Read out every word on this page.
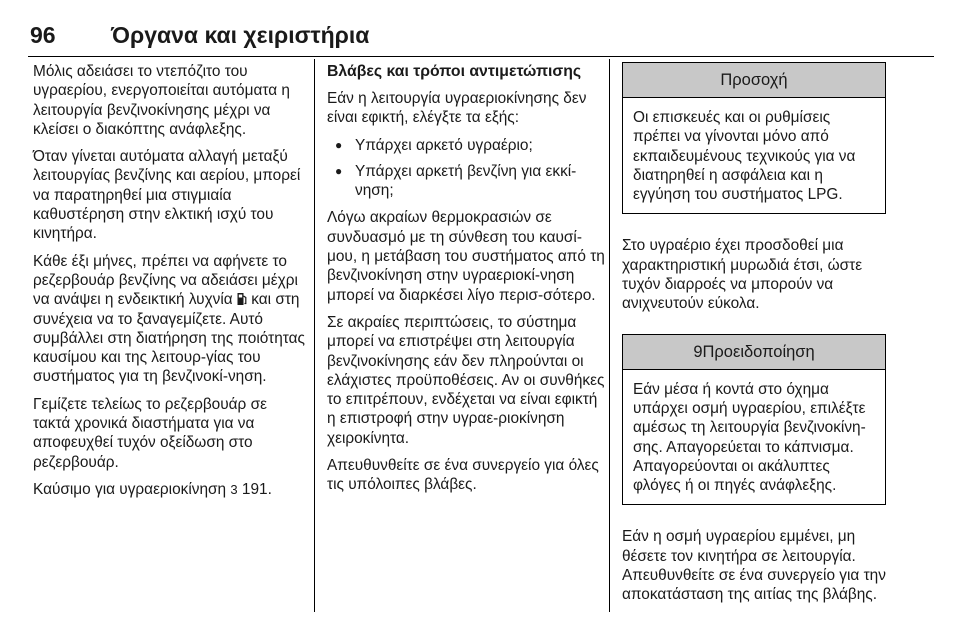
96 Όργανα και χειριστήρια

Μόλις αδειάσει το ντεπόζιτο του υγραερίου, ενεργοποιείται αυτόματα η λειτουργία βενζινοκίνησης μέχρι να κλείσει ο διακόπτης ανάφλεξης.

Όταν γίνεται αυτόματα αλλαγή μεταξύ λειτουργίας βενζίνης και αερίου, μπορεί να παρατηρηθεί μια στιγμιαία καθυστέρηση στην ελκτική ισχύ του κινητήρα.

Κάθε έξι μήνες, πρέπει να αφήνετε το ρεζερβουάρ βενζίνης να αδειάσει μέχρι να ανάψει η ενδεικτική λυχνία  και στη συνέχεια να το ξαναγεμίζετε. Αυτό συμβάλλει στη διατήρηση της ποιότητας καυσίμου και της λειτουρ-γίας του συστήματος για τη βενζινοκί-νηση.

Γεμίζετε τελείως το ρεζερβουάρ σε τακτά χρονικά διαστήματα για να αποφευχθεί τυχόν οξείδωση στο ρεζερβουάρ.

Καύσιμο για υγραεριοκίνηση 3 191.

Βλάβες και τρόποι αντιμετώπισης

Εάν η λειτουργία υγραεριοκίνησης δεν είναι εφικτή, ελέγξτε τα εξής:

● Υπάρχει αρκετό υγραέριο;
● Υπάρχει αρκετή βενζίνη για εκκί-νηση;

Λόγω ακραίων θερμοκρασιών σε συνδυασμό με τη σύνθεση του καυσί-μου, η μετάβαση του συστήματος από τη βενζινοκίνηση στην υγραεριοκί-νηση μπορεί να διαρκέσει λίγο περισ-σότερο.

Σε ακραίες περιπτώσεις, το σύστημα μπορεί να επιστρέψει στη λειτουργία βενζινοκίνησης εάν δεν πληρούνται οι ελάχιστες προϋποθέσεις. Αν οι συνθήκες το επιτρέπουν, ενδέχεται να είναι εφικτή η επιστροφή στην υγραε-ριοκίνηση χειροκίνητα.

Απευθυνθείτε σε ένα συνεργείο για όλες τις υπόλοιπες βλάβες.

Προσοχή
Οι επισκευές και οι ρυθμίσεις πρέπει να γίνονται μόνο από εκπαιδευμένους τεχνικούς για να διατηρηθεί η ασφάλεια και η εγγύηση του συστήματος LPG.

Στο υγραέριο έχει προσδοθεί μια χαρακτηριστική μυρωδιά έτσι, ώστε τυχόν διαρροές να μπορούν να ανιχνευτούν εύκολα.

9Προειδοποίηση
Εάν μέσα ή κοντά στο όχημα υπάρχει οσμή υγραερίου, επιλέξτε αμέσως τη λειτουργία βενζινοκίνη-σης. Απαγορεύεται το κάπνισμα. Απαγορεύονται οι ακάλυπτες φλόγες ή οι πηγές ανάφλεξης.

Εάν η οσμή υγραερίου εμμένει, μη θέσετε τον κινητήρα σε λειτουργία. Απευθυνθείτε σε ένα συνεργείο για την αποκατάσταση της αιτίας της βλάβης.
